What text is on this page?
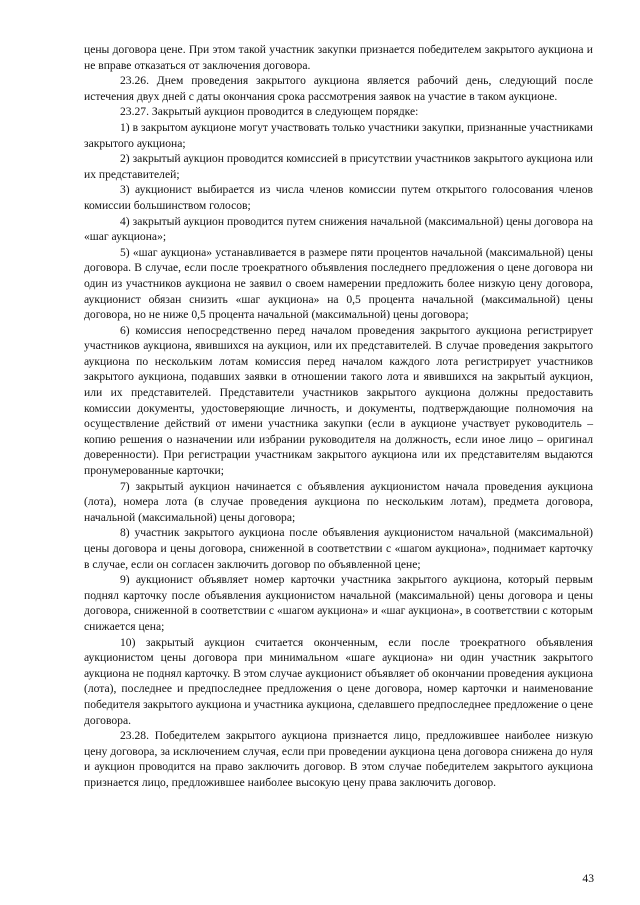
цены договора цене. При этом такой участник закупки признается победителем закрытого аукциона и не вправе отказаться от заключения договора.

23.26. Днем проведения закрытого аукциона является рабочий день, следующий после истечения двух дней с даты окончания срока рассмотрения заявок на участие в таком аукционе.

23.27. Закрытый аукцион проводится в следующем порядке:

1) в закрытом аукционе могут участвовать только участники закупки, признанные участниками закрытого аукциона;

2) закрытый аукцион проводится комиссией в присутствии участников закрытого аукциона или их представителей;

3) аукционист выбирается из числа членов комиссии путем открытого голосования членов комиссии большинством голосов;

4) закрытый аукцион проводится путем снижения начальной (максимальной) цены договора на «шаг аукциона»;

5) «шаг аукциона» устанавливается в размере пяти процентов начальной (максимальной) цены договора. В случае, если после троекратного объявления последнего предложения о цене договора ни один из участников аукциона не заявил о своем намерении предложить более низкую цену договора, аукционист обязан снизить «шаг аукциона» на 0,5 процента начальной (максимальной) цены договора, но не ниже 0,5 процента начальной (максимальной) цены договора;

6) комиссия непосредственно перед началом проведения закрытого аукциона регистрирует участников аукциона, явившихся на аукцион, или их представителей. В случае проведения закрытого аукциона по нескольким лотам комиссия перед началом каждого лота регистрирует участников закрытого аукциона, подавших заявки в отношении такого лота и явившихся на закрытый аукцион, или их представителей. Представители участников закрытого аукциона должны предоставить комиссии документы, удостоверяющие личность, и документы, подтверждающие полномочия на осуществление действий от имени участника закупки (если в аукционе участвует руководитель – копию решения о назначении или избрании руководителя на должность, если иное лицо – оригинал доверенности). При регистрации участникам закрытого аукциона или их представителям выдаются пронумерованные карточки;

7) закрытый аукцион начинается с объявления аукционистом начала проведения аукциона (лота), номера лота (в случае проведения аукциона по нескольким лотам), предмета договора, начальной (максимальной) цены договора;

8) участник закрытого аукциона после объявления аукционистом начальной (максимальной) цены договора и цены договора, сниженной в соответствии с «шагом аукциона», поднимает карточку в случае, если он согласен заключить договор по объявленной цене;

9) аукционист объявляет номер карточки участника закрытого аукциона, который первым поднял карточку после объявления аукционистом начальной (максимальной) цены договора и цены договора, сниженной в соответствии с «шагом аукциона» и «шаг аукциона», в соответствии с которым снижается цена;

10) закрытый аукцион считается оконченным, если после троекратного объявления аукционистом цены договора при минимальном «шаге аукциона» ни один участник закрытого аукциона не поднял карточку. В этом случае аукционист объявляет об окончании проведения аукциона (лота), последнее и предпоследнее предложения о цене договора, номер карточки и наименование победителя закрытого аукциона и участника аукциона, сделавшего предпоследнее предложение о цене договора.

23.28. Победителем закрытого аукциона признается лицо, предложившее наиболее низкую цену договора, за исключением случая, если при проведении аукциона цена договора снижена до нуля и аукцион проводится на право заключить договор. В этом случае победителем закрытого аукциона признается лицо, предложившее наиболее высокую цену права заключить договор.

43
